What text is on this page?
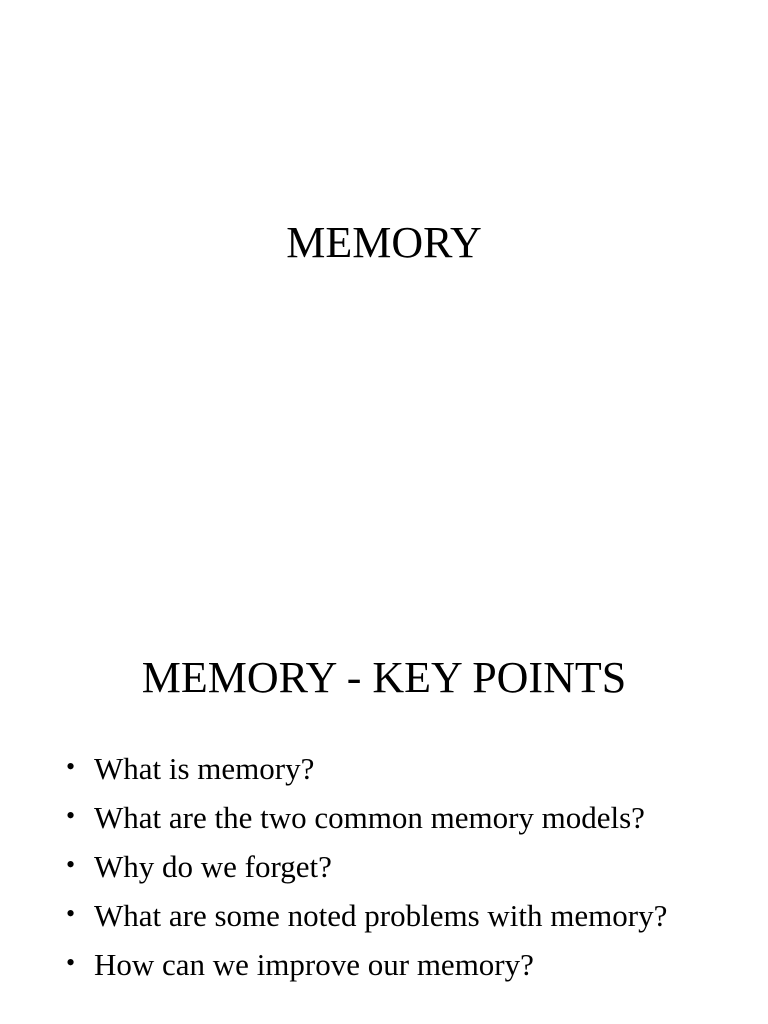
MEMORY
MEMORY - KEY POINTS
• What is memory?
• What are the two common memory models?
• Why do we forget?
• What are some noted problems with memory?
• How can we improve our memory?
